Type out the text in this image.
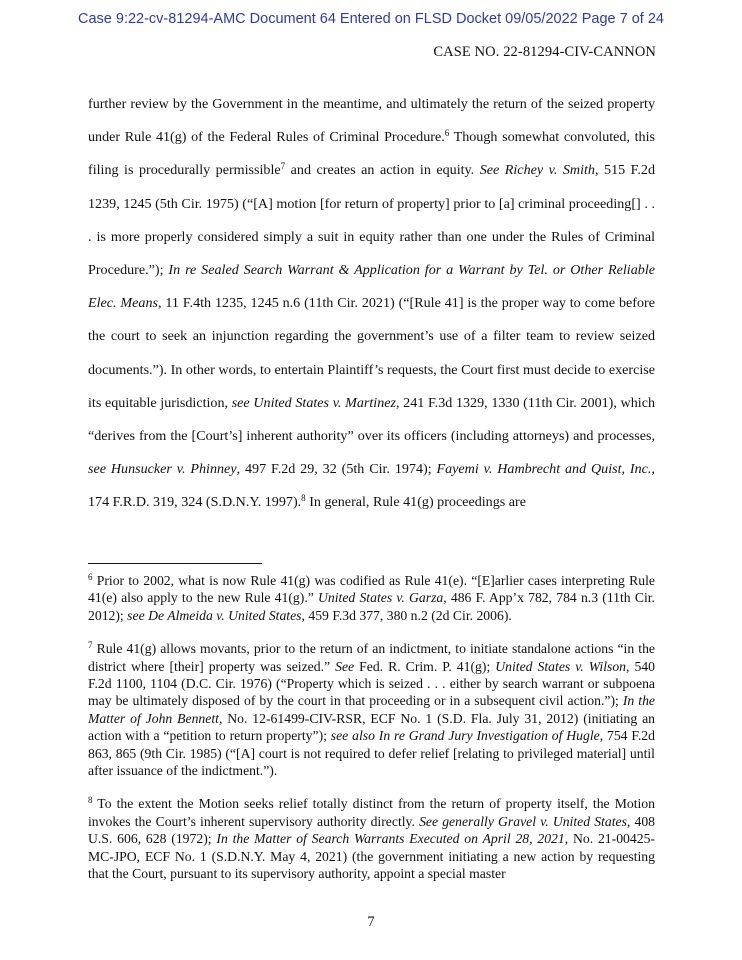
Case 9:22-cv-81294-AMC Document 64 Entered on FLSD Docket 09/05/2022 Page 7 of 24
CASE NO. 22-81294-CIV-CANNON

further review by the Government in the meantime, and ultimately the return of the seized property under Rule 41(g) of the Federal Rules of Criminal Procedure.$^6$ Though somewhat convoluted, this filing is procedurally permissible$^7$ and creates an action in equity. See Richey v. Smith, 515 F.2d 1239, 1245 (5th Cir. 1975) (“[A] motion [for return of property] prior to [a] criminal proceeding[] . . . is more properly considered simply a suit in equity rather than one under the Rules of Criminal Procedure.”); In re Sealed Search Warrant & Application for a Warrant by Tel. or Other Reliable Elec. Means, 11 F.4th 1235, 1245 n.6 (11th Cir. 2021) (“[Rule 41] is the proper way to come before the court to seek an injunction regarding the government’s use of a filter team to review seized documents.”). In other words, to entertain Plaintiff’s requests, the Court first must decide to exercise its equitable jurisdiction, see United States v. Martinez, 241 F.3d 1329, 1330 (11th Cir. 2001), which “derives from the [Court’s] inherent authority” over its officers (including attorneys) and processes, see Hunsucker v. Phinney, 497 F.2d 29, 32 (5th Cir. 1974); Fayemi v. Hambrecht and Quist, Inc., 174 F.R.D. 319, 324 (S.D.N.Y. 1997).$^8$ In general, Rule 41(g) proceedings are

$^6$ Prior to 2002, what is now Rule 41(g) was codified as Rule 41(e). “[E]arlier cases interpreting Rule 41(e) also apply to the new Rule 41(g).” United States v. Garza, 486 F. App’x 782, 784 n.3 (11th Cir. 2012); see De Almeida v. United States, 459 F.3d 377, 380 n.2 (2d Cir. 2006).

$^7$ Rule 41(g) allows movants, prior to the return of an indictment, to initiate standalone actions “in the district where [their] property was seized.” See Fed. R. Crim. P. 41(g); United States v. Wilson, 540 F.2d 1100, 1104 (D.C. Cir. 1976) (“Property which is seized . . . either by search warrant or subpoena may be ultimately disposed of by the court in that proceeding or in a subsequent civil action.”); In the Matter of John Bennett, No. 12-61499-CIV-RSR, ECF No. 1 (S.D. Fla. July 31, 2012) (initiating an action with a “petition to return property”); see also In re Grand Jury Investigation of Hugle, 754 F.2d 863, 865 (9th Cir. 1985) (“[A] court is not required to defer relief [relating to privileged material] until after issuance of the indictment.”).

$^8$ To the extent the Motion seeks relief totally distinct from the return of property itself, the Motion invokes the Court’s inherent supervisory authority directly. See generally Gravel v. United States, 408 U.S. 606, 628 (1972); In the Matter of Search Warrants Executed on April 28, 2021, No. 21-00425-MC-JPO, ECF No. 1 (S.D.N.Y. May 4, 2021) (the government initiating a new action by requesting that the Court, pursuant to its supervisory authority, appoint a special master

7
